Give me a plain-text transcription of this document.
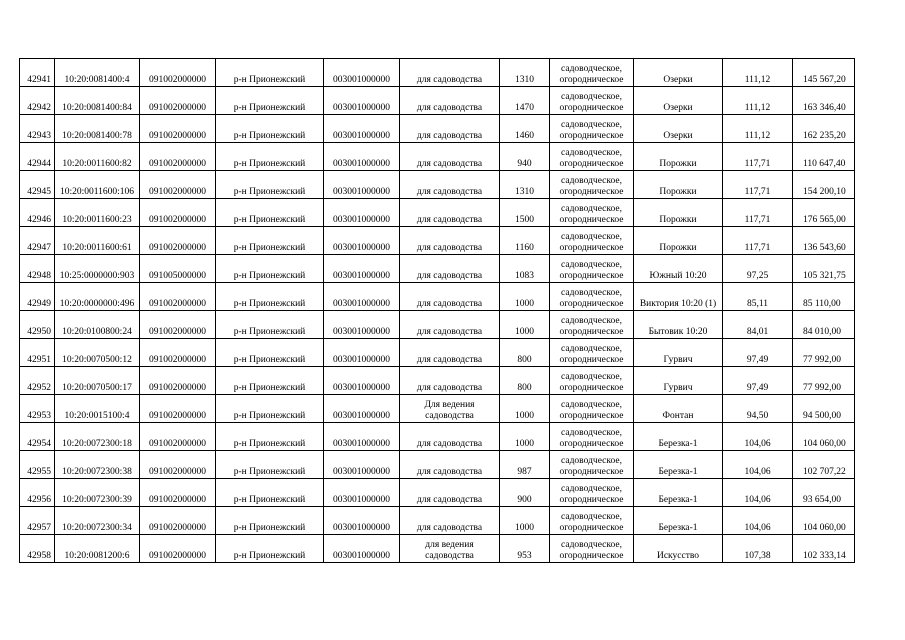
42941	10:20:0081400:4	091002000000	р-н Прионежский	003001000000	для садоводства	1310	садоводческое, огородническое	Озерки	111,12	145 567,20
42942	10:20:0081400:84	091002000000	р-н Прионежский	003001000000	для садоводства	1470	садоводческое, огородническое	Озерки	111,12	163 346,40
42943	10:20:0081400:78	091002000000	р-н Прионежский	003001000000	для садоводства	1460	садоводческое, огородническое	Озерки	111,12	162 235,20
42944	10:20:0011600:82	091002000000	р-н Прионежский	003001000000	для садоводства	940	садоводческое, огородническое	Порожки	117,71	110 647,40
42945	10:20:0011600:106	091002000000	р-н Прионежский	003001000000	для садоводства	1310	садоводческое, огородническое	Порожки	117,71	154 200,10
42946	10:20:0011600:23	091002000000	р-н Прионежский	003001000000	для садоводства	1500	садоводческое, огородническое	Порожки	117,71	176 565,00
42947	10:20:0011600:61	091002000000	р-н Прионежский	003001000000	для садоводства	1160	садоводческое, огородническое	Порожки	117,71	136 543,60
42948	10:25:0000000:903	091005000000	р-н Прионежский	003001000000	для садоводства	1083	садоводческое, огородническое	Южный 10:20	97,25	105 321,75
42949	10:20:0000000:496	091002000000	р-н Прионежский	003001000000	для садоводства	1000	садоводческое, огородническое	Виктория 10:20 (1)	85,11	85 110,00
42950	10:20:0100800:24	091002000000	р-н Прионежский	003001000000	для садоводства	1000	садоводческое, огородническое	Бытовик 10:20	84,01	84 010,00
42951	10:20:0070500:12	091002000000	р-н Прионежский	003001000000	для садоводства	800	садоводческое, огородническое	Гурвич	97,49	77 992,00
42952	10:20:0070500:17	091002000000	р-н Прионежский	003001000000	для садоводства	800	садоводческое, огородническое	Гурвич	97,49	77 992,00
42953	10:20:0015100:4	091002000000	р-н Прионежский	003001000000	Для ведения садоводства	1000	садоводческое, огородническое	Фонтан	94,50	94 500,00
42954	10:20:0072300:18	091002000000	р-н Прионежский	003001000000	для садоводства	1000	садоводческое, огородническое	Березка-1	104,06	104 060,00
42955	10:20:0072300:38	091002000000	р-н Прионежский	003001000000	для садоводства	987	садоводческое, огородническое	Березка-1	104,06	102 707,22
42956	10:20:0072300:39	091002000000	р-н Прионежский	003001000000	для садоводства	900	садоводческое, огородническое	Березка-1	104,06	93 654,00
42957	10:20:0072300:34	091002000000	р-н Прионежский	003001000000	для садоводства	1000	садоводческое, огородническое	Березка-1	104,06	104 060,00
42958	10:20:0081200:6	091002000000	р-н Прионежский	003001000000	для ведения садоводства	953	садоводческое, огородническое	Искусство	107,38	102 333,14
